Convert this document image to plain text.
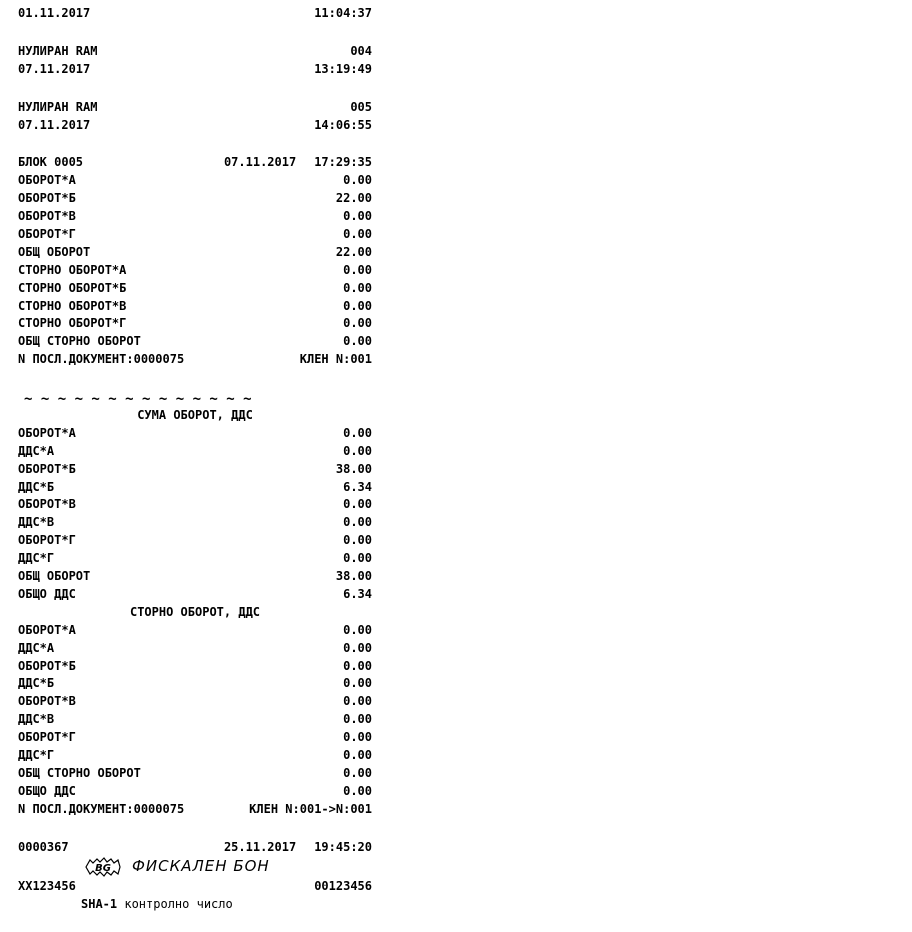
01.11.2017	11:04:37
НУЛИРАН RAM	004
07.11.2017	13:19:49
НУЛИРАН RAM	005
07.11.2017	14:06:55
БЛОК 0005	07.11.2017	17:29:35
ОБОРОТ*А	0.00
ОБОРОТ*Б	22.00
ОБОРОТ*В	0.00
ОБОРОТ*Г	0.00
ОБЩ ОБОРОТ	22.00
СТОРНО ОБОРОТ*А	0.00
СТОРНО ОБОРОТ*Б	0.00
СТОРНО ОБОРОТ*В	0.00
СТОРНО ОБОРОТ*Г	0.00
ОБЩ СТОРНО ОБОРОТ	0.00
N ПОСЛ.ДОКУМЕНТ:0000075	КЛЕН N:001
~ ~ ~ ~ ~ ~ ~ ~ ~ ~ ~ ~ ~ ~
СУМА ОБОРОТ, ДДС
ОБОРОТ*А	0.00
ДДС*А	0.00
ОБОРОТ*Б	38.00
ДДС*Б	6.34
ОБОРОТ*В	0.00
ДДС*В	0.00
ОБОРОТ*Г	0.00
ДДС*Г	0.00
ОБЩ ОБОРОТ	38.00
ОБЩО ДДС	6.34
СТОРНО ОБОРОТ, ДДС
ОБОРОТ*А	0.00
ДДС*А	0.00
ОБОРОТ*Б	0.00
ДДС*Б	0.00
ОБОРОТ*В	0.00
ДДС*В	0.00
ОБОРОТ*Г	0.00
ДДС*Г	0.00
ОБЩ СТОРНО ОБОРОТ	0.00
ОБЩО ДДС	0.00
N ПОСЛ.ДОКУМЕНТ:0000075	КЛЕН N:001->N:001
0000367	25.11.2017	19:45:20
BG ФИСКАЛЕН БОН
XX123456	00123456
SHA-1 контролно число
